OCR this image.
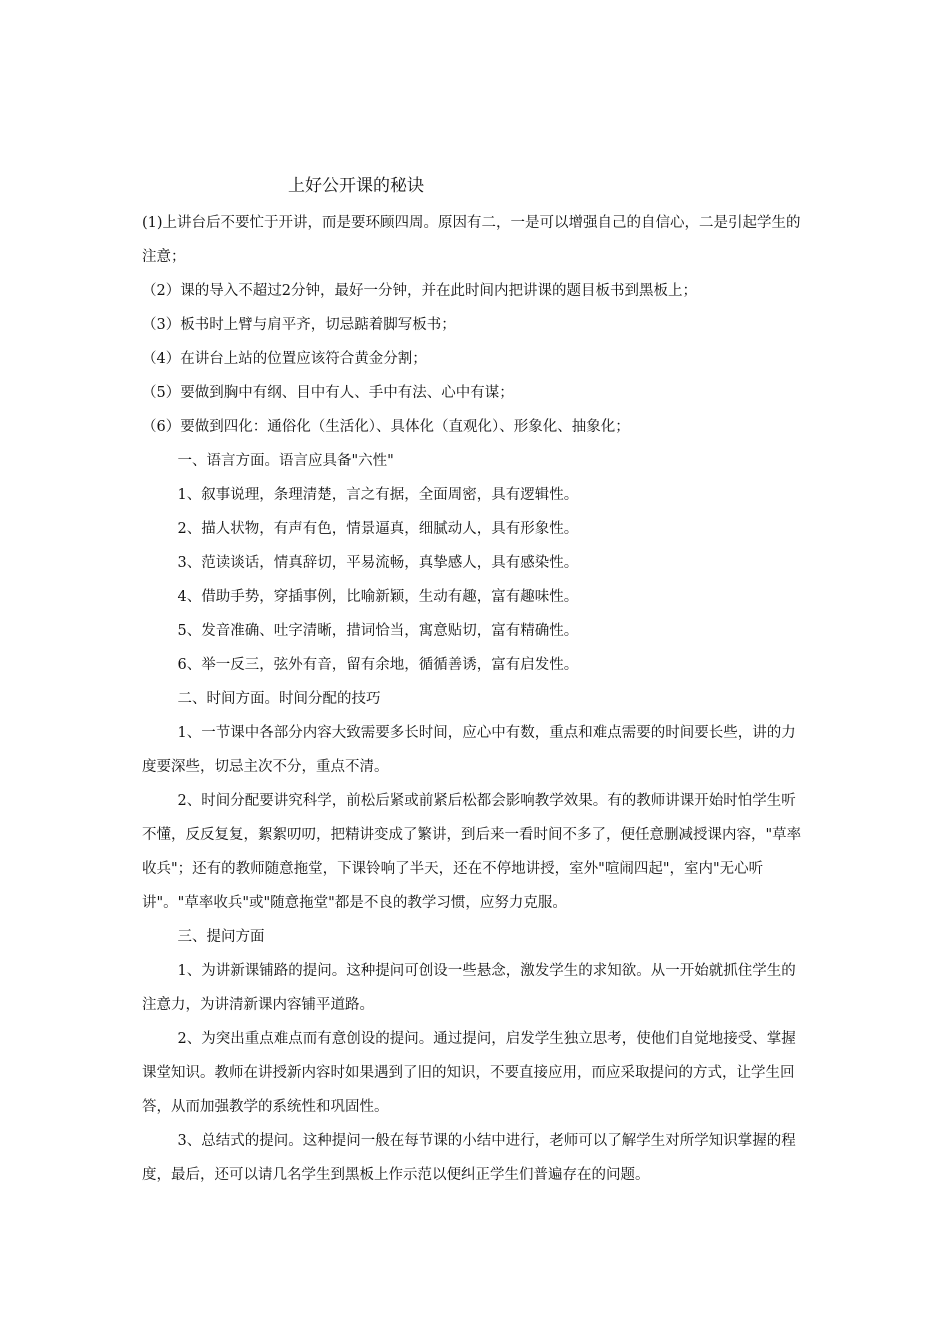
上好公开课的秘诀

(1)上讲台后不要忙于开讲，而是要环顾四周。原因有二，一是可以增强自己的自信心，二是引起学生的注意；

（2）课的导入不超过2分钟，最好一分钟，并在此时间内把讲课的题目板书到黑板上；

（3）板书时上臂与肩平齐，切忌踮着脚写板书；

（4）在讲台上站的位置应该符合黄金分割；

（5）要做到胸中有纲、目中有人、手中有法、心中有谋；

（6）要做到四化：通俗化（生活化）、具体化（直观化）、形象化、抽象化；

一、语言方面。语言应具备"六性"

1、叙事说理，条理清楚，言之有据，全面周密，具有逻辑性。

2、描人状物，有声有色，情景逼真，细腻动人，具有形象性。

3、范读谈话，情真辞切，平易流畅，真挚感人，具有感染性。

4、借助手势，穿插事例，比喻新颖，生动有趣，富有趣味性。

5、发音准确、吐字清晰，措词恰当，寓意贴切，富有精确性。

6、举一反三，弦外有音，留有余地，循循善诱，富有启发性。

二、时间方面。时间分配的技巧

1、一节课中各部分内容大致需要多长时间，应心中有数，重点和难点需要的时间要长些，讲的力度要深些，切忌主次不分，重点不清。

2、时间分配要讲究科学，前松后紧或前紧后松都会影响教学效果。有的教师讲课开始时怕学生听不懂，反反复复，絮絮叨叨，把精讲变成了繁讲，到后来一看时间不多了，便任意删减授课内容，"草率收兵"；还有的教师随意拖堂，下课铃响了半天，还在不停地讲授，室外"喧闹四起"，室内"无心听讲"。"草率收兵"或"随意拖堂"都是不良的教学习惯，应努力克服。

三、提问方面

1、为讲新课铺路的提问。这种提问可创设一些悬念，激发学生的求知欲。从一开始就抓住学生的注意力，为讲清新课内容铺平道路。

2、为突出重点难点而有意创设的提问。通过提问，启发学生独立思考，使他们自觉地接受、掌握课堂知识。教师在讲授新内容时如果遇到了旧的知识，不要直接应用，而应采取提问的方式，让学生回答，从而加强教学的系统性和巩固性。

3、总结式的提问。这种提问一般在每节课的小结中进行，老师可以了解学生对所学知识掌握的程度，最后，还可以请几名学生到黑板上作示范以便纠正学生们普遍存在的问题。
